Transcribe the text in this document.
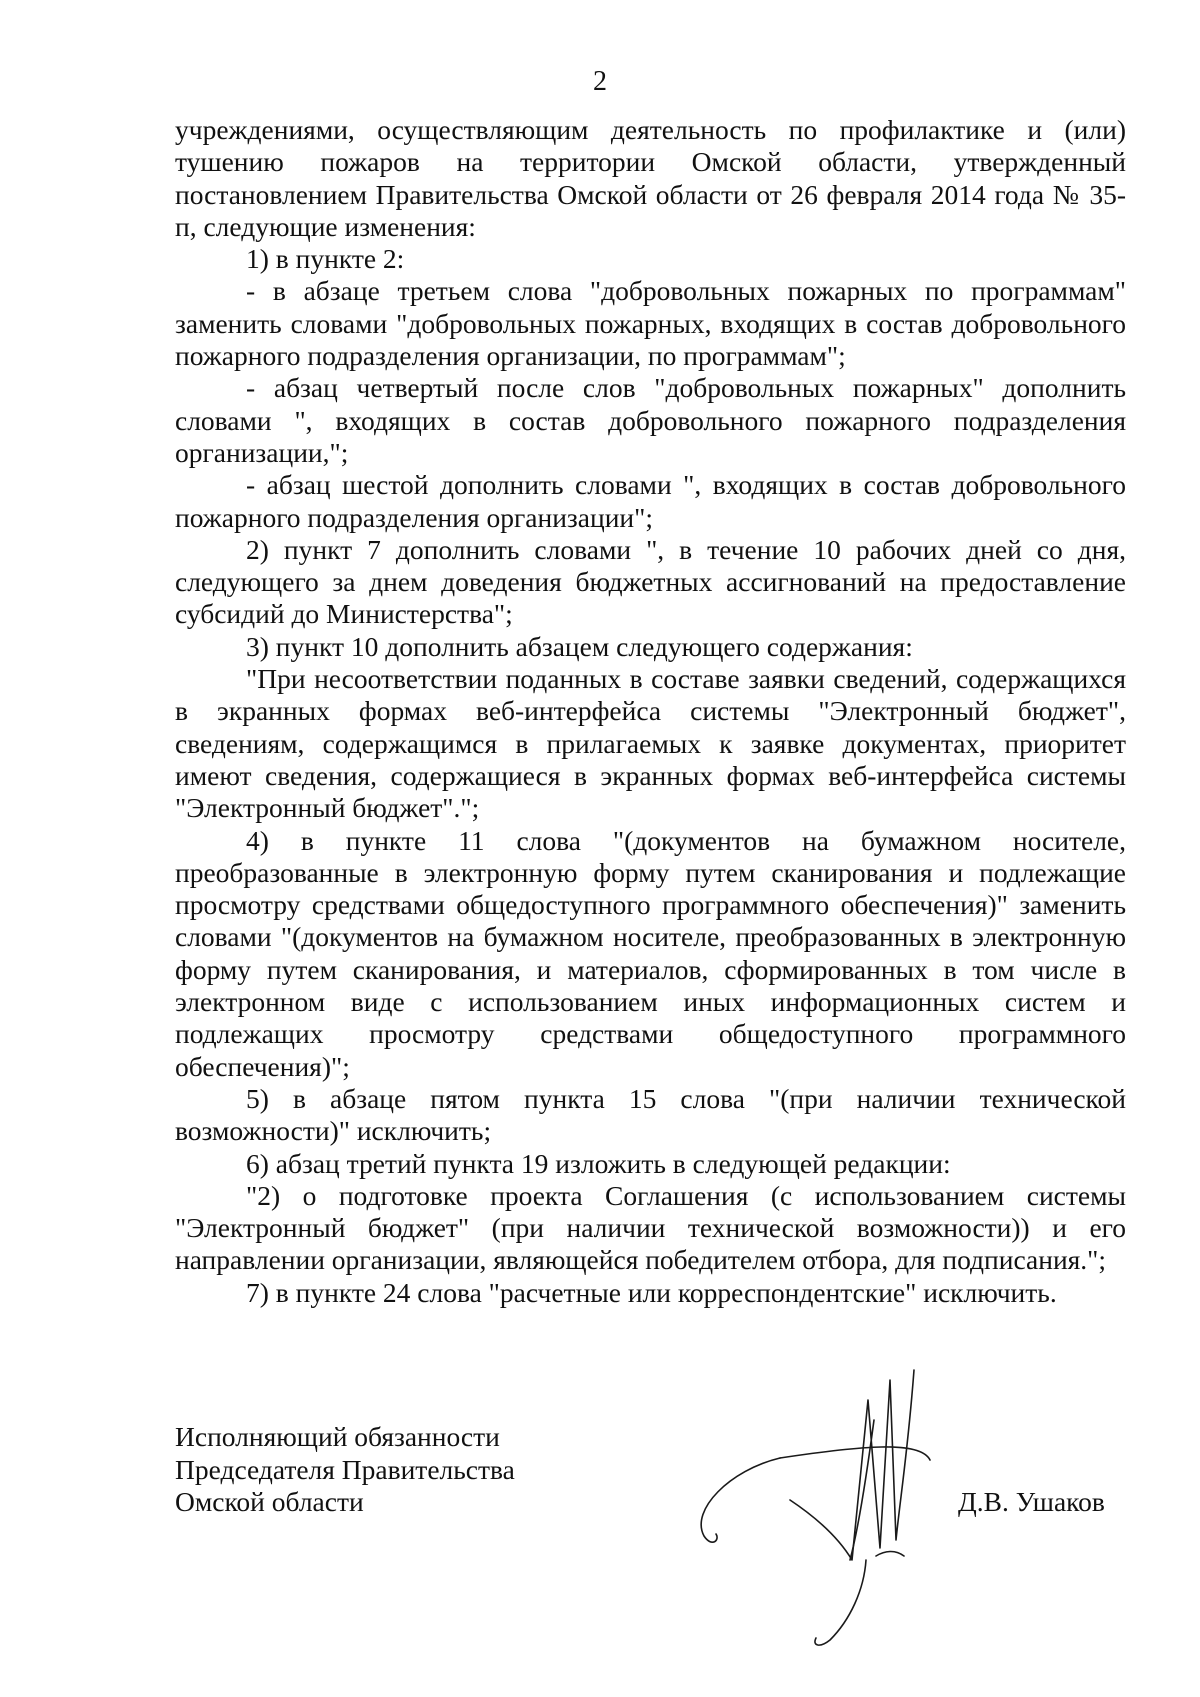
2

учреждениями, осуществляющим деятельность по профилактике и (или) тушению пожаров на территории Омской области, утвержденный постановлением Правительства Омской области от 26 февраля 2014 года № 35-п, следующие изменения:

1) в пункте 2:

- в абзаце третьем слова "добровольных пожарных по программам" заменить словами "добровольных пожарных, входящих в состав добровольного пожарного подразделения организации, по программам";

- абзац четвертый после слов "добровольных пожарных" дополнить словами ", входящих в состав добровольного пожарного подразделения организации,";

- абзац шестой дополнить словами ", входящих в состав добровольного пожарного подразделения организации";

2) пункт 7 дополнить словами ", в течение 10 рабочих дней со дня, следующего за днем доведения бюджетных ассигнований на предоставление субсидий до Министерства";

3) пункт 10 дополнить абзацем следующего содержания:

"При несоответствии поданных в составе заявки сведений, содержащихся в экранных формах веб-интерфейса системы "Электронный бюджет", сведениям, содержащимся в прилагаемых к заявке документах, приоритет имеют сведения, содержащиеся в экранных формах веб-интерфейса системы "Электронный бюджет".";

4) в пункте 11 слова "(документов на бумажном носителе, преобразованные в электронную форму путем сканирования и подлежащие просмотру средствами общедоступного программного обеспечения)" заменить словами "(документов на бумажном носителе, преобразованных в электронную форму путем сканирования, и материалов, сформированных в том числе в электронном виде с использованием иных информационных систем и подлежащих просмотру средствами общедоступного программного обеспечения)";

5) в абзаце пятом пункта 15 слова "(при наличии технической возможности)" исключить;

6) абзац третий пункта 19 изложить в следующей редакции:

"2) о подготовке проекта Соглашения (с использованием системы "Электронный бюджет" (при наличии технической возможности)) и его направлении организации, являющейся победителем отбора, для подписания.";

7) в пункте 24 слова "расчетные или корреспондентские" исключить.

Исполняющий обязанности
Председателя Правительства
Омской области	Д.В. Ушаков
